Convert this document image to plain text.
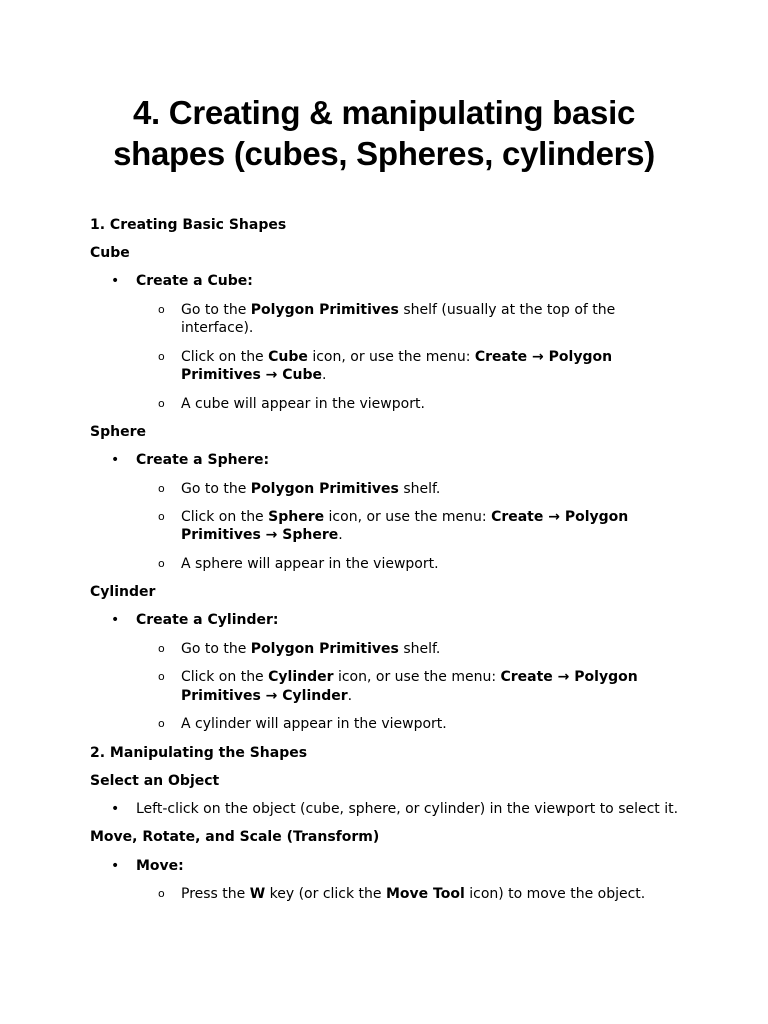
4. Creating & manipulating basic
shapes (cubes, Spheres, cylinders)

1. Creating Basic Shapes

Cube

• Create a Cube:

o Go to the Polygon Primitives shelf (usually at the top of the

interface).

o Click on the Cube icon, or use the menu: Create → Polygon

Primitives → Cube.

o A cube will appear in the viewport.

Sphere

• Create a Sphere:

o Go to the Polygon Primitives shelf.

o Click on the Sphere icon, or use the menu: Create → Polygon

Primitives → Sphere.

o A sphere will appear in the viewport.

Cylinder

• Create a Cylinder:

o Go to the Polygon Primitives shelf.

o Click on the Cylinder icon, or use the menu: Create → Polygon

Primitives → Cylinder.

o A cylinder will appear in the viewport.

2. Manipulating the Shapes

Select an Object

• Left-click on the object (cube, sphere, or cylinder) in the viewport to select it.

Move, Rotate, and Scale (Transform)

• Move:

o Press the W key (or click the Move Tool icon) to move the object.
